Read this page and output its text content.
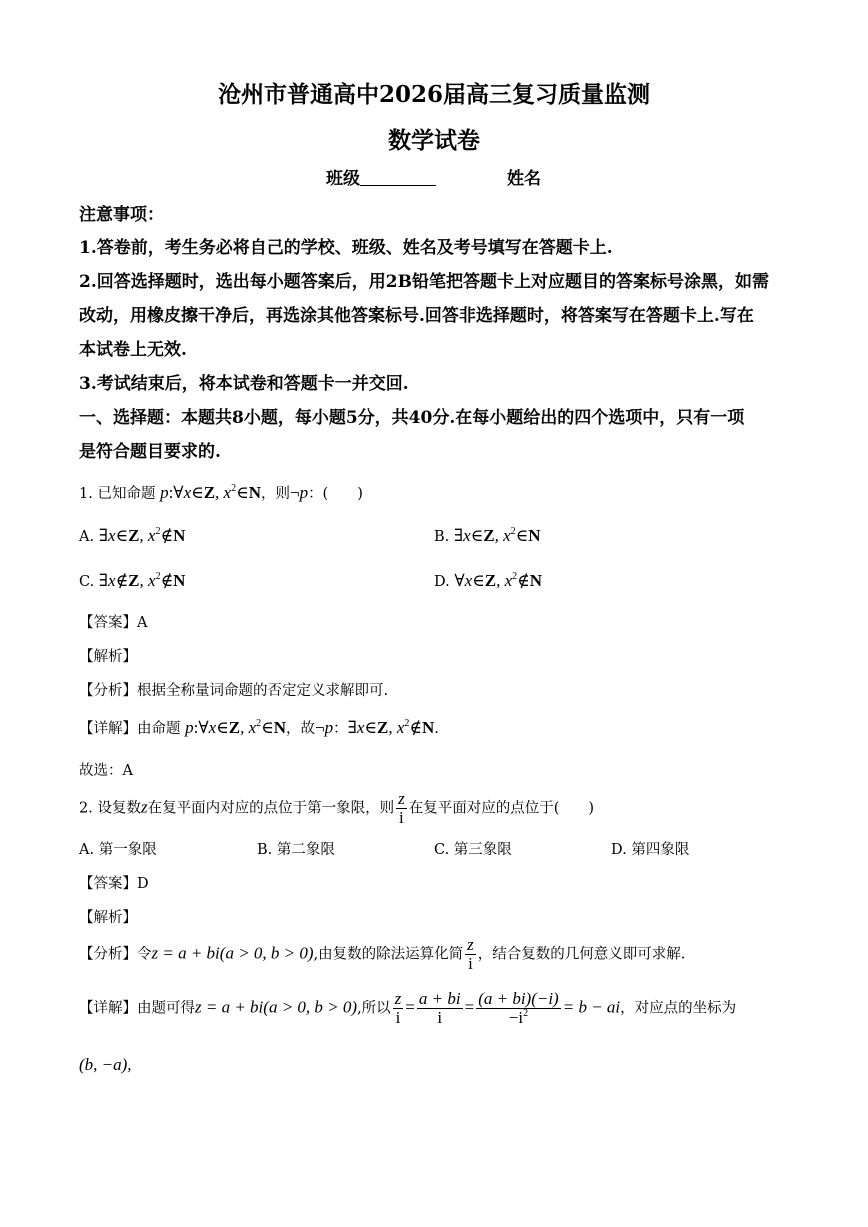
沧州市普通高中2026届高三复习质量监测
数学试卷
班级	姓名
注意事项：
1.答卷前，考生务必将自己的学校、班级、姓名及考号填写在答题卡上.
2.回答选择题时，选出每小题答案后，用2B铅笔把答题卡上对应题目的答案标号涂黑，如需
改动，用橡皮擦干净后，再选涂其他答案标号.回答非选择题时，将答案写在答题卡上.写在
本试卷上无效.
3.考试结束后，将本试卷和答题卡一并交回.
一、选择题：本题共8小题，每小题5分，共40分.在每小题给出的四个选项中，只有一项
是符合题目要求的.
1. 已知命题 p:∀x∈Z, $x^2\in N$，则¬p：(　　)
A. ∃x∈Z, $x^2\notin N$	B. ∃x∈Z, $x^2\in N$
C. ∃x∉Z, $x^2\notin N$	D. ∀x∈Z, $x^2\notin N$
【答案】A
【解析】
【分析】根据全称量词命题的否定定义求解即可.
【详解】由命题 p:∀x∈Z, $x^2\in N$，故¬p：∃x∈Z, $x^2\notin N$.
故选：A
2. 设复数z在复平面内对应的点位于第一象限，则 $\frac{z}{i}$ 在复平面对应的点位于(　　)
A. 第一象限	B. 第二象限	C. 第三象限	D. 第四象限
【答案】D
【解析】
【分析】令z = a + bi(a > 0, b > 0),由复数的除法运算化简 $\frac{z}{i}$ ，结合复数的几何意义即可求解.
【详解】由题可得z = a + bi(a > 0, b > 0),所以 $\frac{z}{i} = \frac{a + bi}{i} = \frac{(a + bi)(-i)}{-i^2} = b$ − ai，对应点的坐标为
(b, −a),
